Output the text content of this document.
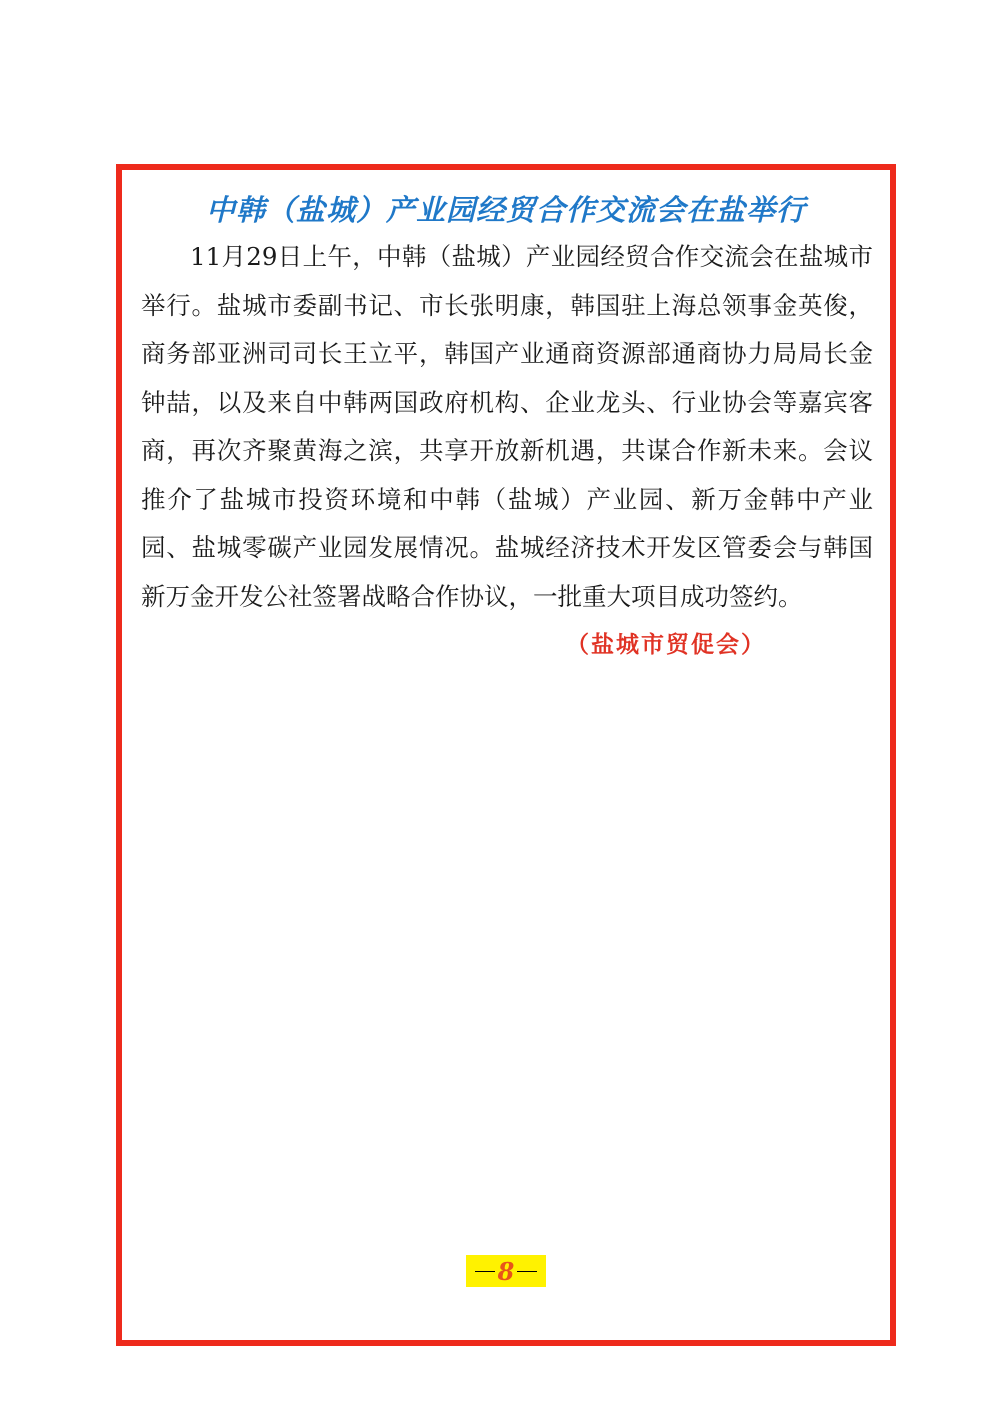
中韩（盐城）产业园经贸合作交流会在盐举行

11月29日上午，中韩（盐城）产业园经贸合作交流会在盐城市举行。盐城市委副书记、市长张明康，韩国驻上海总领事金英俊，商务部亚洲司司长王立平，韩国产业通商资源部通商协力局局长金钟喆，以及来自中韩两国政府机构、企业龙头、行业协会等嘉宾客商，再次齐聚黄海之滨，共享开放新机遇，共谋合作新未来。会议推介了盐城市投资环境和中韩（盐城）产业园、新万金韩中产业园、盐城零碳产业园发展情况。盐城经济技术开发区管委会与韩国新万金开发公社签署战略合作协议，一批重大项目成功签约。

（盐城市贸促会）
8
